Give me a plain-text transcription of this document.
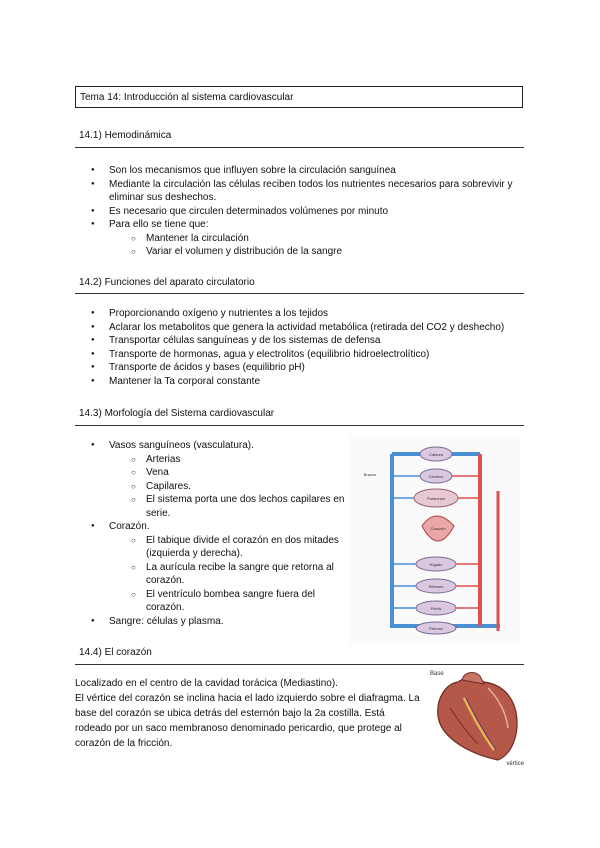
Tema 14: Introducción al sistema cardiovascular
14.1) Hemodinámica
● Son los mecanismos que influyen sobre la circulación sanguínea
● Mediante la circulación las células reciben todos los nutrientes necesarios para sobrevivir y
eliminar sus deshechos.
● Es necesario que circulen determinados volúmenes por minuto
● Para ello se tiene que:
○ Mantener la circulación
○ Variar el volumen y distribución de la sangre
14.2) Funciones del aparato circulatorio
● Proporcionando oxígeno y nutrientes a los tejidos
● Aclarar los metabolitos que genera la actividad metabólica (retirada del CO2 y deshecho)
● Transportar células sanguíneas y de los sistemas de defensa
● Transporte de hormonas, agua y electrolitos (equilibrio hidroelectrolítico)
● Transporte de ácidos y bases (equilibrio pH)
● Mantener la Ta corporal constante
14.3) Morfología del Sistema cardiovascular
● Vasos sanguíneos (vasculatura).
○ Arterias
○ Vena
○ Capilares.
○ El sistema porta une dos lechos capilares en
serie.
● Corazón.
○ El tabique divide el corazón en dos mitades
(izquierda y derecha).
○ La aurícula recibe la sangre que retorna al
corazón.
○ El ventrículo bombea sangre fuera del
corazón.
● Sangre: células y plasma.
Cabeza
Cerebro
Pulmones
Corazón
Hígado
Riñones
Pelvis
Piernas
Brazos
14.4) El corazón
Localizado en el centro de la cavidad torácica (Mediastino).
El vértice del corazón se inclina hacia el lado izquierdo sobre el diafragma. La
base del corazón se ubica detrás del esternón bajo la 2a costilla. Está
rodeado por un saco membranoso denominado pericardio, que protege al
corazón de la fricción.
Base
vértice
